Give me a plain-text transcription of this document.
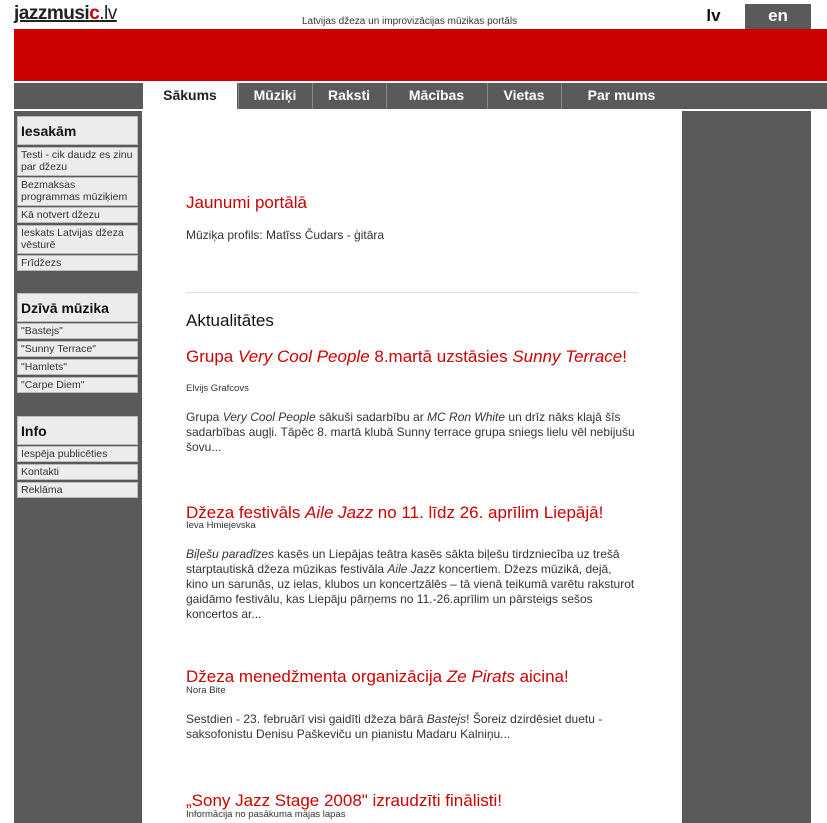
jazzmusic.lv	Latvijas džeza un improvizācijas mūzikas portāls	lv	en
Sākums	Mūziķi	Raksti	Mācības	Vietas	Par mums
Iesakām
Testi - cik daudz es zinu par džezu
Bezmaksas programmas mūziķiem
Kā notvert džezu
Ieskats Latvijas džeza vēsturē
Frīdžezs
Dzīvā mūzika
"Bastejs"
"Sunny Terrace"
"Hamlets"
"Carpe Diem"
Info
Iespēja publicēties
Kontakti
Reklāma
Jaunumi portālā
Mūziķa profils: Matīss Čudars - ģitāra
Aktualitātes
Grupa Very Cool People 8.martā uzstāsies Sunny Terrace!
Elvijs Grafcovs
Grupa Very Cool People sākuši sadarbību ar MC Ron White un drīz nāks klajā šīs sadarbības augļi. Tāpēc 8. martā klubā Sunny terrace grupa sniegs lielu vēl nebijušu šovu...
Džeza festivāls Aile Jazz no 11. līdz 26. aprīlim Liepājā!
Ieva Hmiejevska
Biļešu paradīzes kasēs un Liepājas teātra kasēs sākta biļešu tirdzniecība uz trešā starptautiskā džeza mūzikas festivāla Aile Jazz koncertiem. Džezs mūzikā, dejā, kino un sarunās, uz ielas, klubos un koncertzālēs – tā vienā teikumā varētu raksturot gaidāmo festivālu, kas Liepāju pārņems no 11.-26.aprīlim un pārsteigs sešos koncertos ar...
Džeza menedžmenta organizācija Ze Pirats aicina!
Nora Bite
Sestdien - 23. februārī visi gaidīti džeza bārā Bastejs! Šoreiz dzirdēsiet duetu - saksofonistu Denisu Paškeviču un pianistu Madaru Kalniņu...
„Sony Jazz Stage 2008" izraudzīti finālisti!
Informācija no pasākuma mājas lapas
